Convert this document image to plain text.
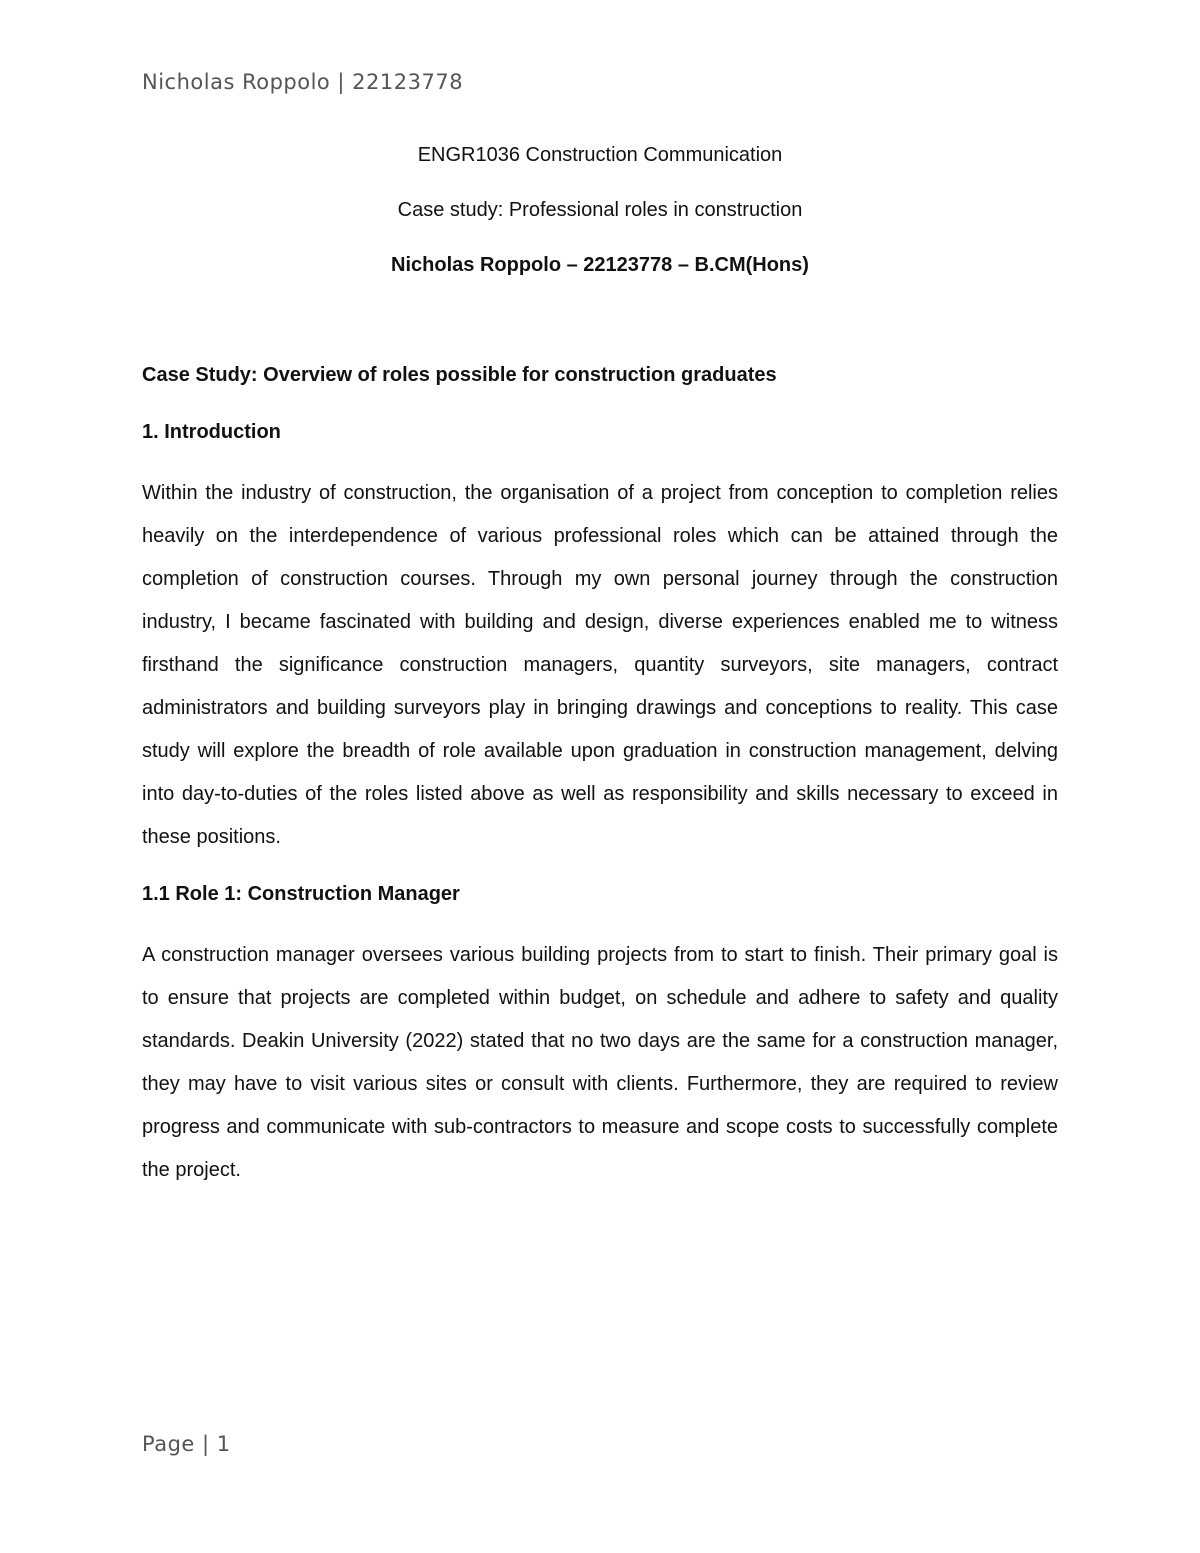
Nicholas Roppolo | 22123778
ENGR1036 Construction Communication
Case study: Professional roles in construction
Nicholas Roppolo – 22123778 – B.CM(Hons)
Case Study: Overview of roles possible for construction graduates
1. Introduction
Within the industry of construction, the organisation of a project from conception to completion relies heavily on the interdependence of various professional roles which can be attained through the completion of construction courses. Through my own personal journey through the construction industry, I became fascinated with building and design, diverse experiences enabled me to witness firsthand the significance construction managers, quantity surveyors, site managers, contract administrators and building surveyors play in bringing drawings and conceptions to reality. This case study will explore the breadth of role available upon graduation in construction management, delving into day-to-duties of the roles listed above as well as responsibility and skills necessary to exceed in these positions.
1.1 Role 1: Construction Manager
A construction manager oversees various building projects from to start to finish. Their primary goal is to ensure that projects are completed within budget, on schedule and adhere to safety and quality standards. Deakin University (2022) stated that no two days are the same for a construction manager, they may have to visit various sites or consult with clients. Furthermore, they are required to review progress and communicate with sub-contractors to measure and scope costs to successfully complete the project.
Page | 1
